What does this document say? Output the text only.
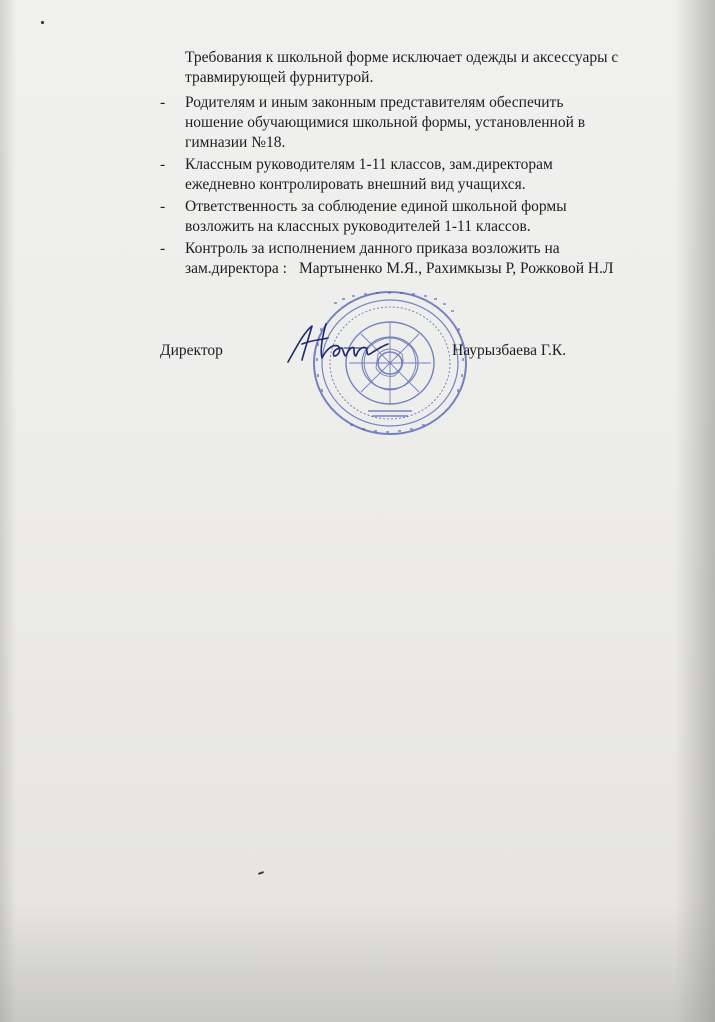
Требования к школьной форме исключает одежды и аксессуары с
травмирующей фурнитурой.
- Родителям и иным законным представителям обеспечить
ношение обучающимися школьной формы, установленной в
гимназии №18.
- Классным руководителям 1-11 классов, зам.директорам
ежедневно контролировать внешний вид учащихся.
- Ответственность за соблюдение единой школьной формы
возложить на классных руководителей 1-11 классов.
- Контроль за исполнением данного приказа возложить на
зам.директора : Мартыненко М.Я., Рахимкызы Р, Рожковой Н.Л
Директор	Наурызбаева Г.К.
